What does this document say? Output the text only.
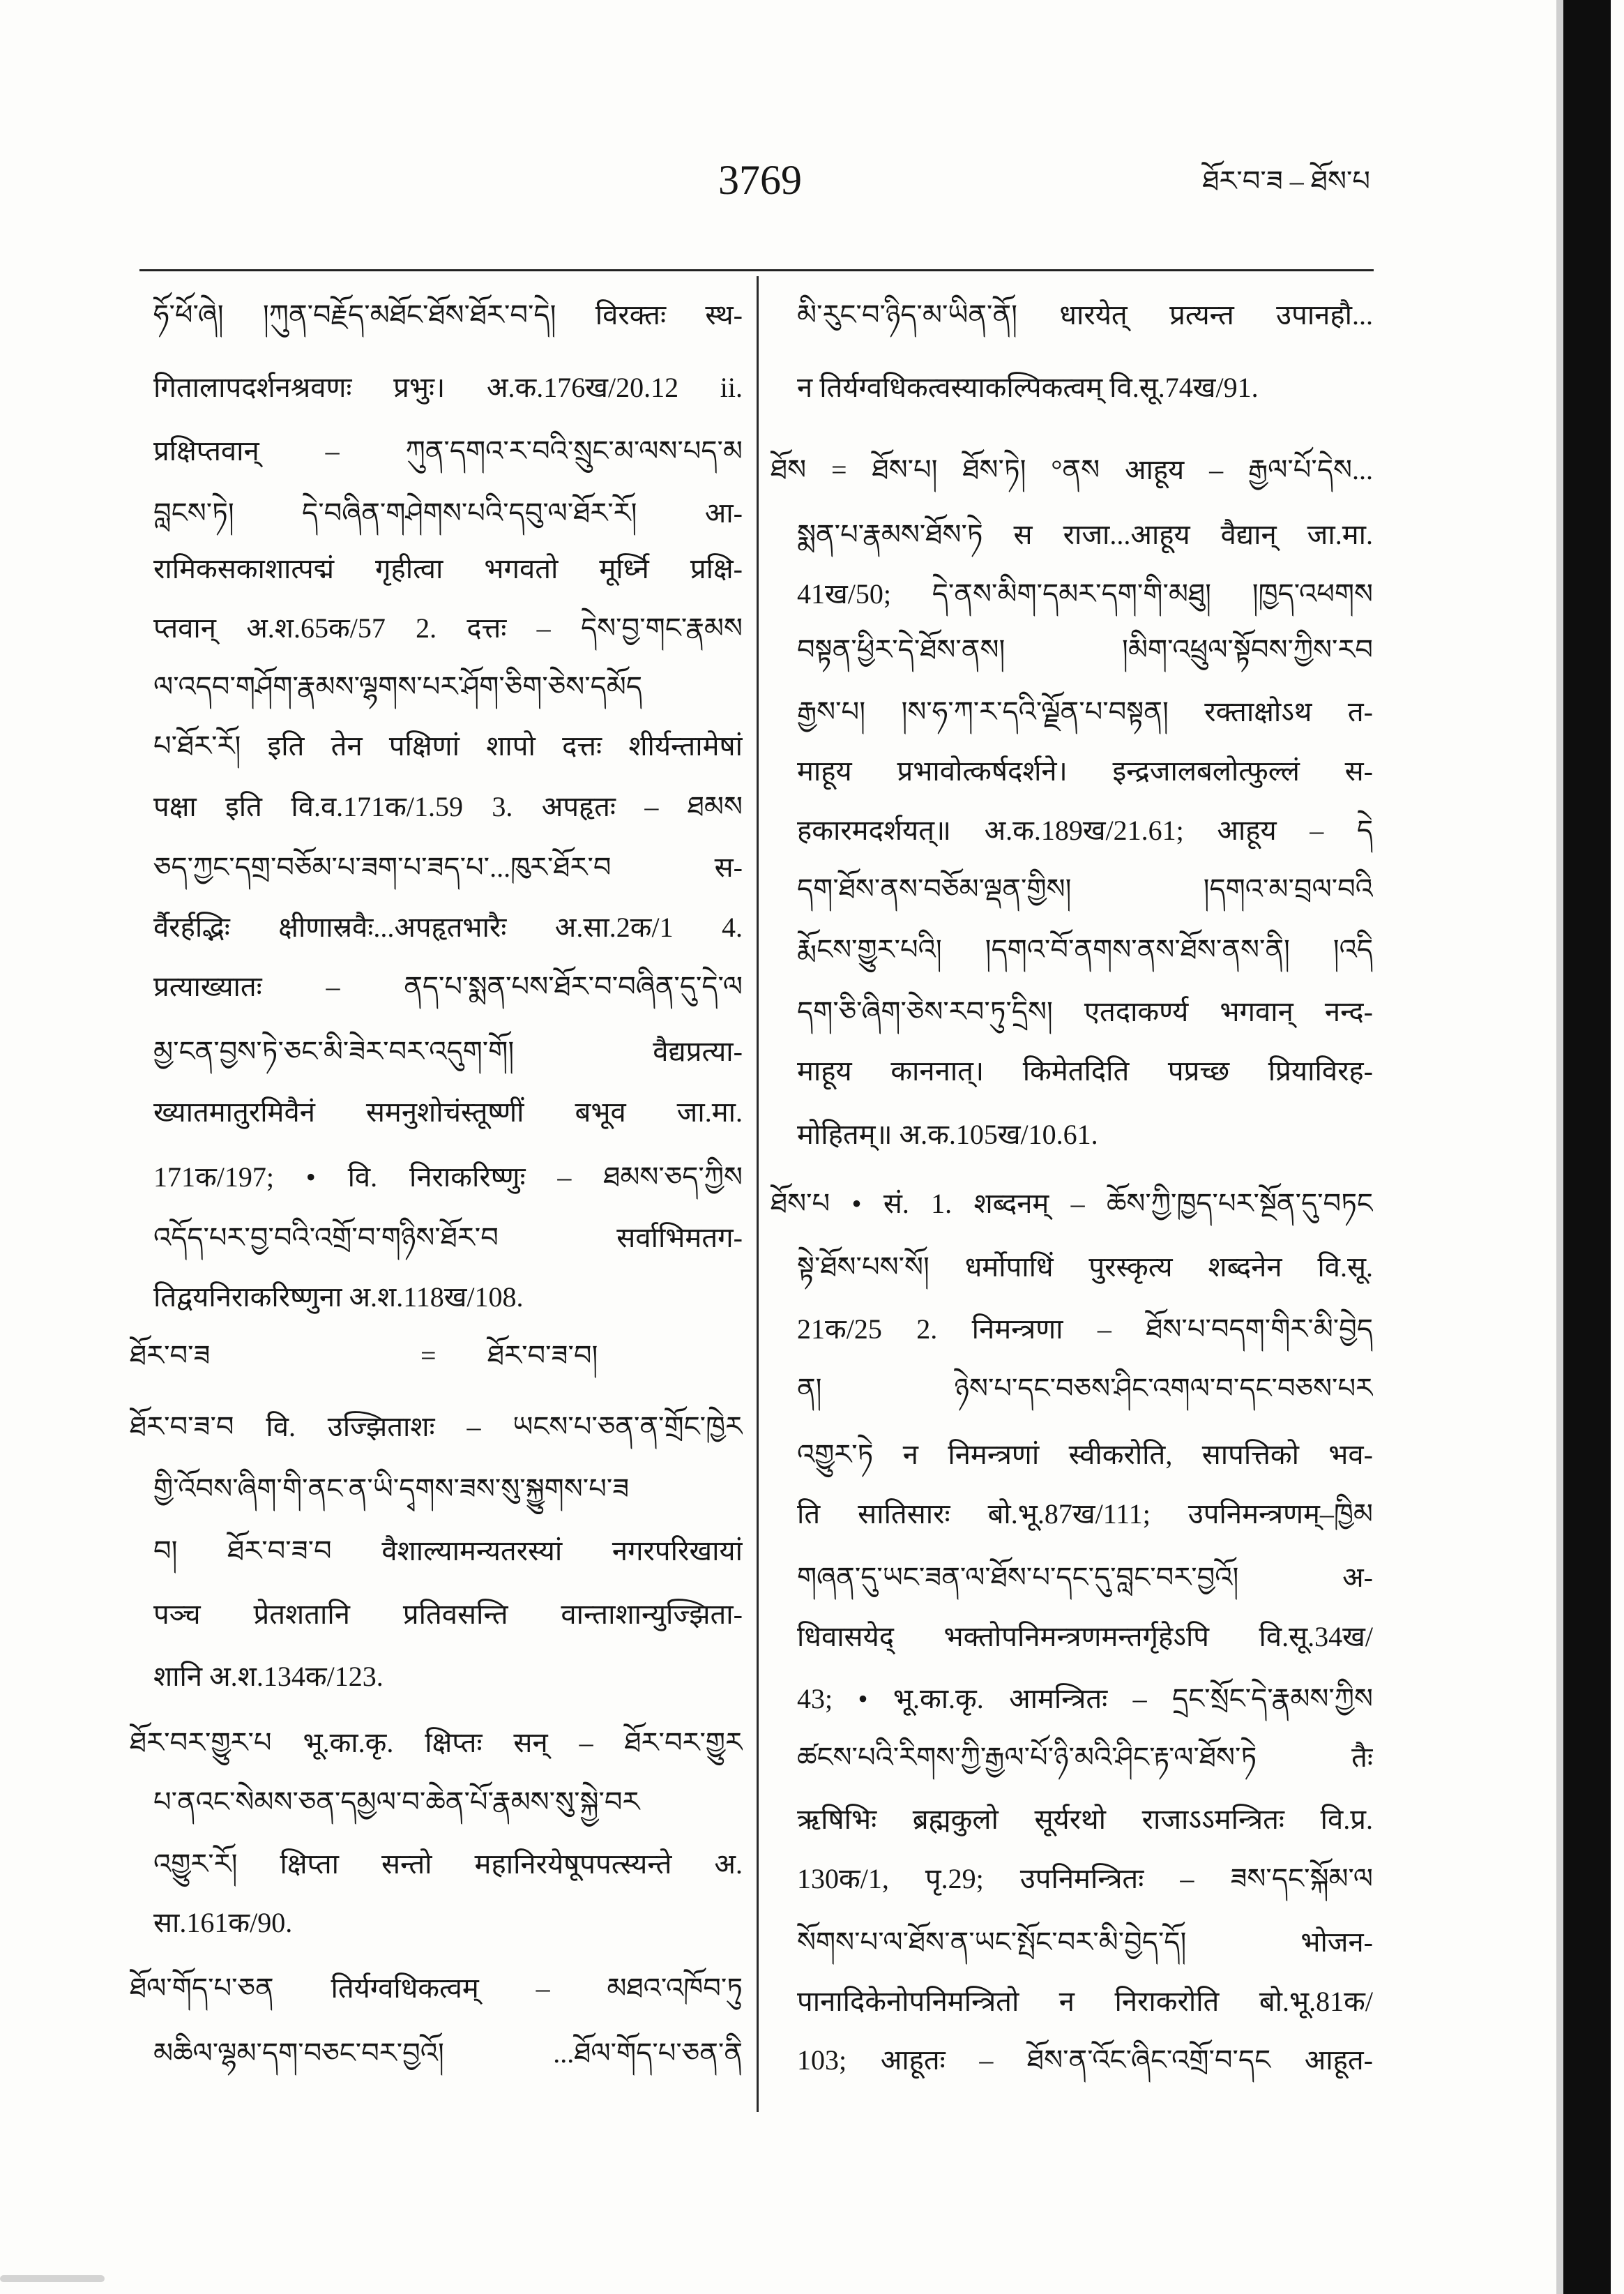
3769	ཐོར་བ་ཟ – ཐོས་པ
ཧོ་ཕོ་ཞེ། །ཀུན་བརྗོད་མཐོང་ཐོས་ཐོར་བ་དེ། विरक्तः स्थ-
गितालापदर्शनश्रवणः प्रभुः। अ.क.176ख/20.12 ii.
प्रक्षिप्तवान् – ཀུན་དགའ་ར་བའི་སྲུང་མ་ལས་པད་མ
བླངས་ཏེ། དེ་བཞིན་གཤེགས་པའི་དབུ་ལ་ཐོར་རོ། आ-
रामिकसकाशात्पद्मं गृहीत्वा भगवतो मूर्ध्नि प्रक्षि-
प्तवान् अ.श.65क/57 2. दत्तः – དེས་བྱ་གང་རྣམས
ལ་འདབ་གཤོག་རྣམས་ལྷགས་པར་ཤོག་ཅིག་ཅེས་དམོད
པ་ཐོར་རོ། इति तेन पक्षिणां शापो दत्तः शीर्यन्तामेषां
पक्षा इति वि.व.171क/1.59 3. अपहृतः – ཐམས
ཅད་ཀྱང་དགྲ་བཅོམ་པ་ཟག་པ་ཟད་པ་...ཁུར་ཐོར་བ स-
र्वैरर्हद्भिः क्षीणास्रवैः...अपहृतभारैः अ.सा.2क/1 4.
प्रत्याख्यातः – ནད་པ་སྨན་པས་ཐོར་བ་བཞིན་དུ་དེ་ལ
མྱ་ངན་བྱས་ཏེ་ཅང་མི་ཟེར་བར་འདུག་གོ། वैद्यप्रत्या-
ख्यातमातुरमिवैनं समनुशोचंस्तूष्णीं बभूव जा.मा.
171क/197; • वि. निराकरिष्णुः – ཐམས་ཅད་ཀྱིས
འདོད་པར་བྱ་བའི་འགྲོ་བ་གཉིས་ཐོར་བ सर्वाभिमतग-
तिद्वयनिराकरिष्णुना अ.श.118ख/108.
ཐོར་བ་ཟ	= ཐོར་བ་ཟ་བ།
ཐོར་བ་ཟ་བ वि. उज्झिताशः – ཡངས་པ་ཅན་ན་གྲོང་ཁྱེར
གྱི་འོབས་ཞིག་གི་ནང་ན་ཡི་དྭགས་ཟས་སུ་སྐྱུགས་པ་ཟ
བ། ཐོར་བ་ཟ་བ वैशाल्यामन्यतरस्यां नगरपरिखायां
पञ्च प्रेतशतानि प्रतिवसन्ति वान्ताशान्युज्झिता-
शानि अ.श.134क/123.
ཐོར་བར་གྱུར་པ भू.का.कृ. क्षिप्तः सन् – ཐོར་བར་གྱུར
པ་ནའང་སེམས་ཅན་དམྱལ་བ་ཆེན་པོ་རྣམས་སུ་སྐྱེ་བར
འགྱུར་རོ། क्षिप्ता सन्तो महानिरयेषूपपत्स्यन्ते अ.
सा.161क/90.
ཐོལ་གོད་པ་ཅན तिर्यग्वधिकत्वम् – མཐའ་འཁོབ་ཏུ
མཆིལ་ལྷམ་དག་བཅང་བར་བྱའོ། ...ཐོལ་གོད་པ་ཅན་ནི
མི་རུང་བ་ཉིད་མ་ཡིན་ནོ། धारयेत् प्रत्यन्त उपानहौ...
न तिर्यग्वधिकत्वस्याकल्पिकत्वम् वि.सू.74ख/91.
ཐོས = ཐོས་པ། ཐོས་ཏེ། °ནས आहूय – རྒྱལ་པོ་དེས...
སྨན་པ་རྣམས་ཐོས་ཏེ स राजा...आहूय वैद्यान् जा.मा.
41ख/50; དེ་ནས་མིག་དམར་དག་གི་མཐུ། །ཁྱད་འཕགས
བསྟན་ཕྱིར་དེ་ཐོས་ནས། །མིག་འཕྲུལ་སྟོབས་ཀྱིས་རབ
རྒྱས་པ། །ས་ཧ་ཀ་ར་དའི་ལྗོན་པ་བསྟན། रक्ताक्षोऽथ त-
माहूय प्रभावोत्कर्षदर्शने। इन्द्रजालबलोत्फुल्लं स-
हकारमदर्शयत्॥ अ.क.189ख/21.61; आहूय – དེ
དག་ཐོས་ནས་བཅོམ་ལྡན་གྱིས། །དགའ་མ་བྲལ་བའི
རྨོངས་གྱུར་པའི། །དགའ་བོ་ནགས་ནས་ཐོས་ནས་ནི། །འདི
དག་ཅི་ཞིག་ཅེས་རབ་ཏུ་དྲིས། एतदाकर्ण्य भगवान् नन्द-
माहूय काननात्। किमेतदिति पप्रच्छ प्रियाविरह-
मोहितम्॥ अ.क.105ख/10.61.
ཐོས་པ • सं. 1. शब्दनम् – ཆོས་ཀྱི་ཁྱད་པར་སྔོན་དུ་བཏང
སྟེ་ཐོས་པས་སོ། धर्मोपाधिं पुरस्कृत्य शब्दनेन वि.सू.
21क/25 2. निमन्त्रणा – ཐོས་པ་བདག་གིར་མི་བྱེད
ན། ཉེས་པ་དང་བཅས་ཤིང་འགལ་བ་དང་བཅས་པར
འགྱུར་ཏེ न निमन्त्रणां स्वीकरोति, सापत्तिको भव-
ति सातिसारः बो.भू.87ख/111; उपनिमन्त्रणम्–ཁྱིམ
གཞན་དུ་ཡང་ཟན་ལ་ཐོས་པ་དང་དུ་བླང་བར་བྱའོ། अ-
धिवासयेद् भक्तोपनिमन्त्रणमन्तर्गृहेऽपि वि.सू.34ख/
43; • भू.का.कृ. आमन्त्रितः – དྲང་སྲོང་དེ་རྣམས་ཀྱིས
ཚངས་པའི་རིགས་ཀྱི་རྒྱལ་པོ་ཉི་མའི་ཤིང་རྟ་ལ་ཐོས་ཏེ तैः
ऋषिभिः ब्रह्मकुलो सूर्यरथो राजाऽऽमन्त्रितः वि.प्र.
130क/1, पृ.29; उपनिमन्त्रितः – ཟས་དང་སྐོམ་ལ
སོགས་པ་ལ་ཐོས་ན་ཡང་སྤོང་བར་མི་བྱེད་དོ། भोजन-
पानादिकेनोपनिमन्त्रितो न निराकरोति बो.भू.81क/
103; आहूतः – ཐོས་ན་འོང་ཞིང་འགྲོ་བ་དང आहूत-
